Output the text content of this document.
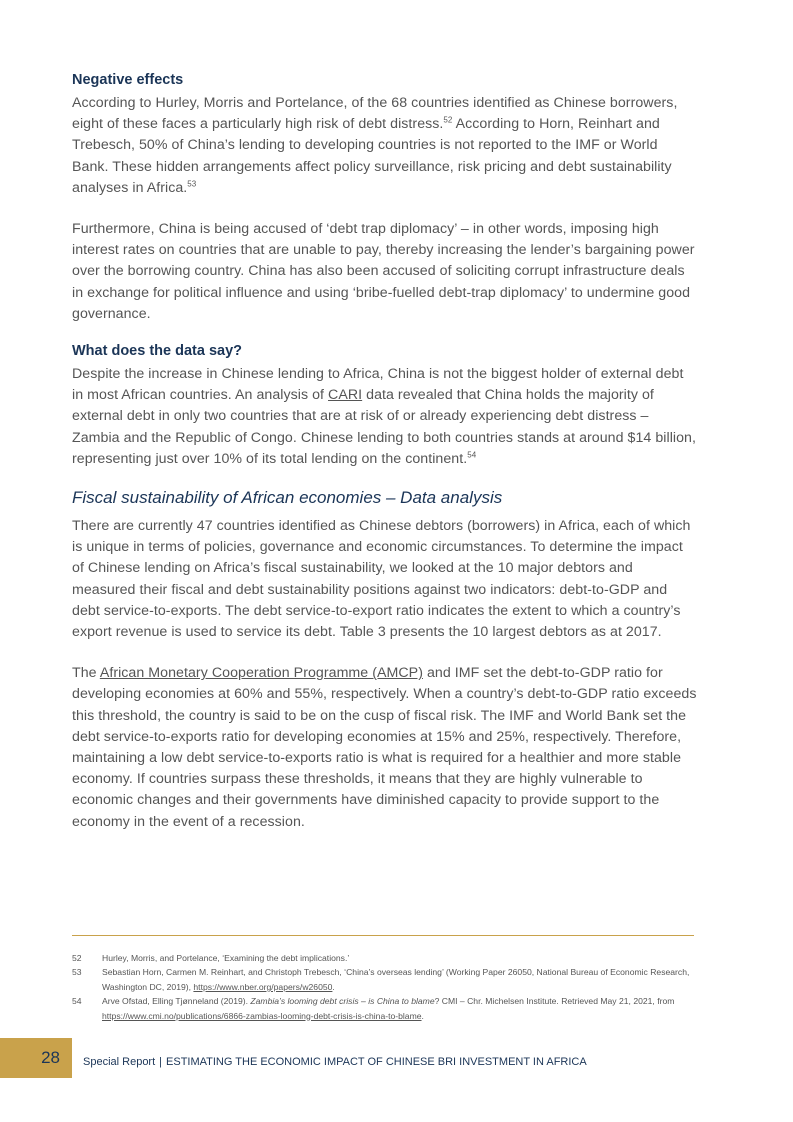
Negative effects

According to Hurley, Morris and Portelance, of the 68 countries identified as Chinese borrowers, eight of these faces a particularly high risk of debt distress.$^{52}$ According to Horn, Reinhart and Trebesch, 50% of China’s lending to developing countries is not reported to the IMF or World Bank. These hidden arrangements affect policy surveillance, risk pricing and debt sustainability analyses in Africa.$^{53}$

Furthermore, China is being accused of ‘debt trap diplomacy’ – in other words, imposing high interest rates on countries that are unable to pay, thereby increasing the lender’s bargaining power over the borrowing country. China has also been accused of soliciting corrupt infrastructure deals in exchange for political influence and using ‘bribe-fuelled debt-trap diplomacy’ to undermine good governance.

What does the data say?

Despite the increase in Chinese lending to Africa, China is not the biggest holder of external debt in most African countries. An analysis of CARI data revealed that China holds the majority of external debt in only two countries that are at risk of or already experiencing debt distress – Zambia and the Republic of Congo. Chinese lending to both countries stands at around $14 billion, representing just over 10% of its total lending on the continent.$^{54}$

Fiscal sustainability of African economies – Data analysis

There are currently 47 countries identified as Chinese debtors (borrowers) in Africa, each of which is unique in terms of policies, governance and economic circumstances. To determine the impact of Chinese lending on Africa’s fiscal sustainability, we looked at the 10 major debtors and measured their fiscal and debt sustainability positions against two indicators: debt-to-GDP and debt service-to-exports. The debt service-to-export ratio indicates the extent to which a country’s export revenue is used to service its debt. Table 3 presents the 10 largest debtors as at 2017.

The African Monetary Cooperation Programme (AMCP) and IMF set the debt-to-GDP ratio for developing economies at 60% and 55%, respectively. When a country’s debt-to-GDP ratio exceeds this threshold, the country is said to be on the cusp of fiscal risk. The IMF and World Bank set the debt service-to-exports ratio for developing economies at 15% and 25%, respectively. Therefore, maintaining a low debt service-to-exports ratio is what is required for a healthier and more stable economy. If countries surpass these thresholds, it means that they are highly vulnerable to economic changes and their governments have diminished capacity to provide support to the economy in the event of a recession.

52	Hurley, Morris, and Portelance, ‘Examining the debt implications.’
53	Sebastian Horn, Carmen M. Reinhart, and Christoph Trebesch, ‘China’s overseas lending’ (Working Paper 26050, National Bureau of Economic Research, Washington DC, 2019), https://www.nber.org/papers/w26050.
54	Arve Ofstad, Elling Tjønneland (2019). Zambia’s looming debt crisis – is China to blame? CMI – Chr. Michelsen Institute. Retrieved May 21, 2021, from https://www.cmi.no/publications/6866-zambias-looming-debt-crisis-is-china-to-blame.
28	Special Report | ESTIMATING THE ECONOMIC IMPACT OF CHINESE BRI INVESTMENT IN AFRICA
